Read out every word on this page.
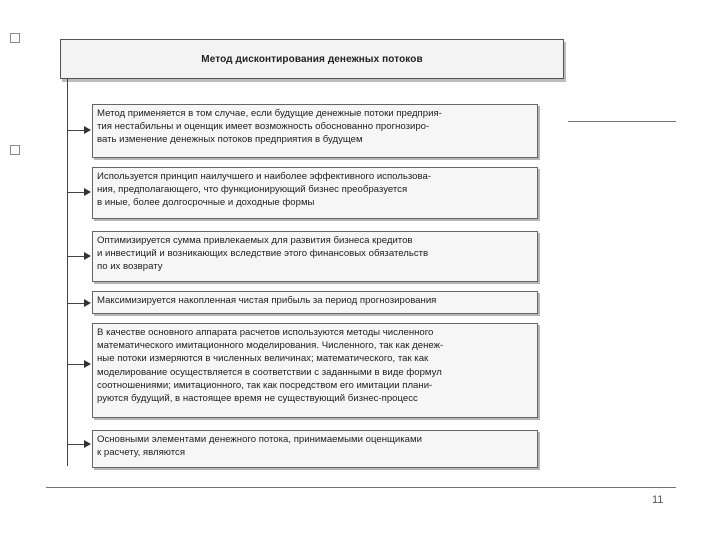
Метод дисконтирования денежных потоков
Метод применяется в том случае, если будущие денежные потоки предприя-
тия нестабильны и оценщик имеет возможность обоснованно прогнозиро-
вать изменение денежных потоков предприятия в будущем
Используется принцип наилучшего и наиболее эффективного использова-
ния, предполагающего, что функционирующий бизнес преобразуется
в иные, более долгосрочные и доходные формы
Оптимизируется сумма привлекаемых для развития бизнеса кредитов
и инвестиций и возникающих вследствие этого финансовых обязательств
по их возврату
Максимизируется накопленная чистая прибыль за период прогнозирования
В качестве основного аппарата расчетов используются методы численного
математического имитационного моделирования. Численного, так как денеж-
ные потоки измеряются в численных величинах; математического, так как
моделирование осуществляется в соответствии с заданными в виде формул
соотношениями; имитационного, так как посредством его имитации плани-
руются будущий, в настоящее время не существующий бизнес-процесс
Основными элементами денежного потока, принимаемыми оценщиками
к расчету, являются
11
